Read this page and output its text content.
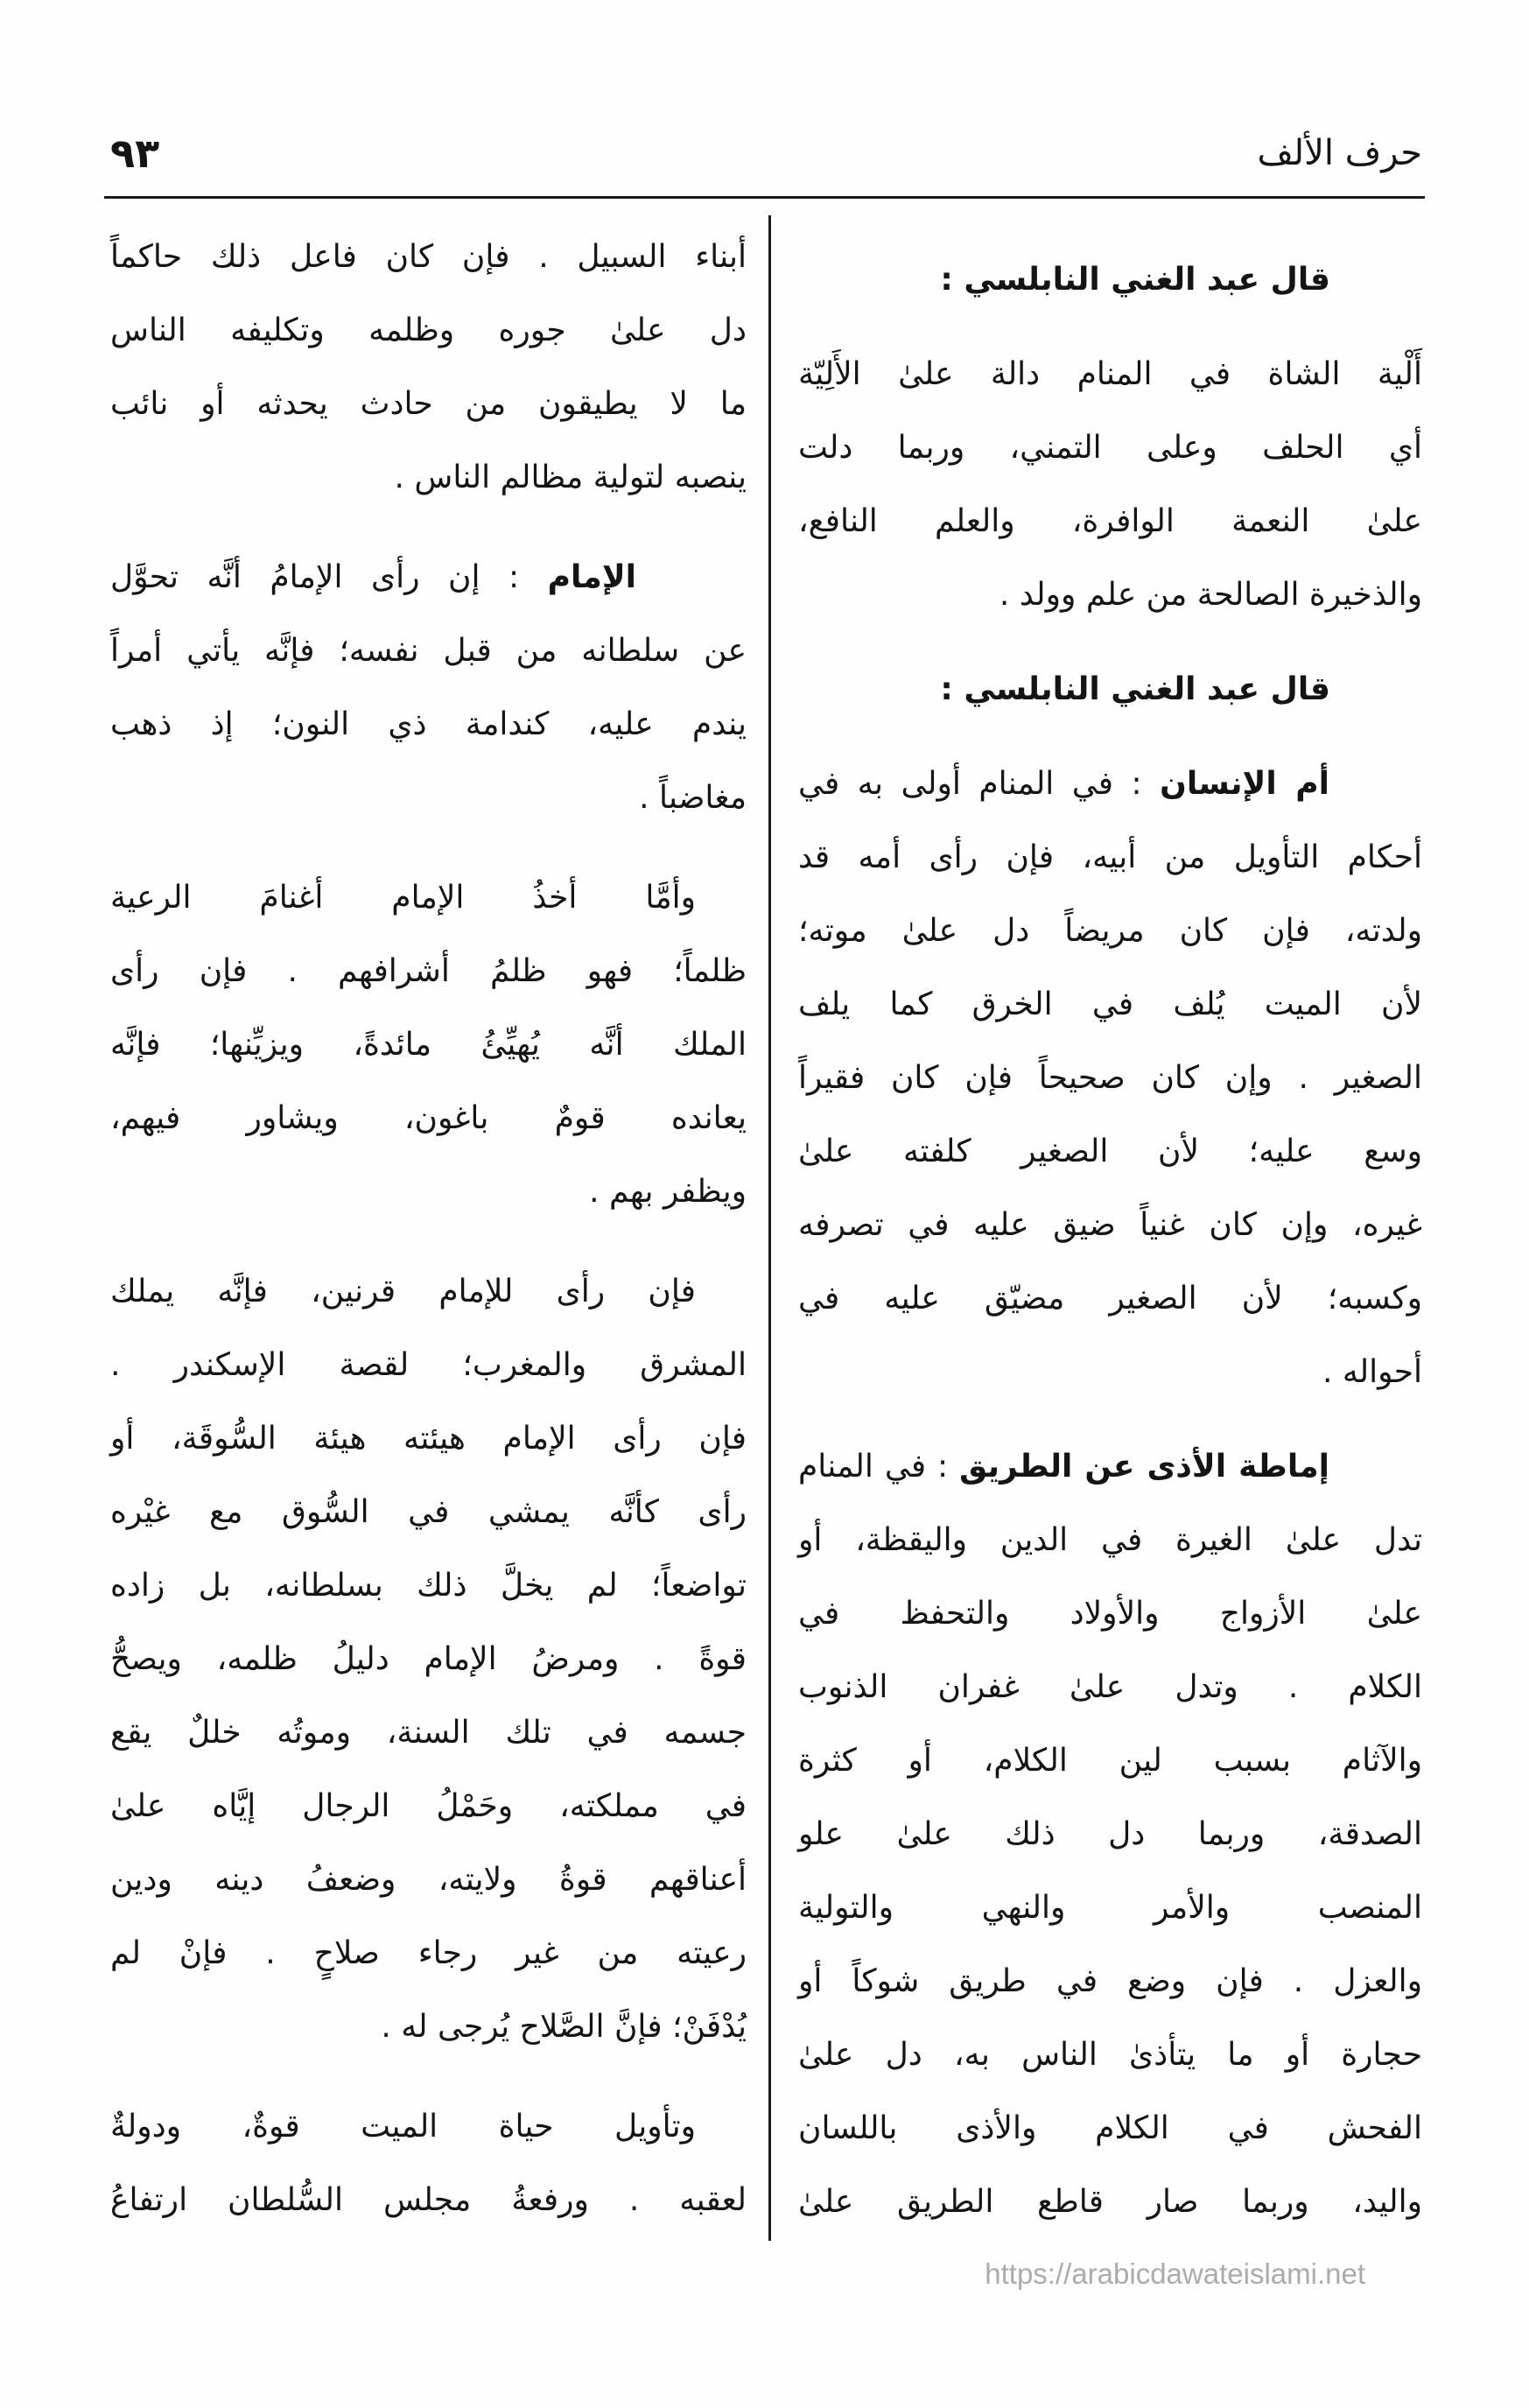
حرف الألف
٩٣
قال عبد الغني النابلسي :
أَلْية الشاة في المنام دالة علىٰ الأَلِيّة
أي الحلف وعلى التمني، وربما دلت
علىٰ النعمة الوافرة، والعلم النافع،
والذخيرة الصالحة من علم وولد .
قال عبد الغني النابلسي :
أم الإنسان : في المنام أولى به في
أحكام التأويل من أبيه، فإن رأى أمه قد
ولدته، فإن كان مريضاً دل علىٰ موته؛
لأن الميت يُلف في الخرق كما يلف
الصغير . وإن كان صحيحاً فإن كان فقيراً
وسع عليه؛ لأن الصغير كلفته علىٰ
غيره، وإن كان غنياً ضيق عليه في تصرفه
وكسبه؛ لأن الصغير مضيّق عليه في
أحواله .
إماطة الأذى عن الطريق : في المنام
تدل علىٰ الغيرة في الدين واليقظة، أو
علىٰ الأزواج والأولاد والتحفظ في
الكلام . وتدل علىٰ غفران الذنوب
والآثام بسبب لين الكلام، أو كثرة
الصدقة، وربما دل ذلك علىٰ علو
المنصب والأمر والنهي والتولية
والعزل . فإن وضع في طريق شوكاً أو
حجارة أو ما يتأذىٰ الناس به، دل علىٰ
الفحش في الكلام والأذى باللسان
واليد، وربما صار قاطع الطريق علىٰ
أبناء السبيل . فإن كان فاعل ذلك حاكماً
دل علىٰ جوره وظلمه وتكليفه الناس
ما لا يطيقون من حادث يحدثه أو نائب
ينصبه لتولية مظالم الناس .
الإمام : إن رأى الإمامُ أنَّه تحوَّل
عن سلطانه من قبل نفسه؛ فإنَّه يأتي أمراً
يندم عليه، كندامة ذي النون؛ إذ ذهب
مغاضباً .
وأمَّا أخذُ الإمام أغنامَ الرعية
ظلماً؛ فهو ظلمُ أشرافهم . فإن رأى
الملك أنَّه يُهيِّئُ مائدةً، ويزيِّنها؛ فإنَّه
يعانده قومٌ باغون، ويشاور فيهم،
ويظفر بهم .
فإن رأى للإمام قرنين، فإنَّه يملك
المشرق والمغرب؛ لقصة الإسكندر .
فإن رأى الإمام هيئته هيئة السُّوقَة، أو
رأى كأنَّه يمشي في السُّوق مع غيْره
تواضعاً؛ لم يخلَّ ذلك بسلطانه، بل زاده
قوةً . ومرضُ الإمام دليلُ ظلمه، ويصحُّ
جسمه في تلك السنة، وموتُه خللٌ يقع
في مملكته، وحَمْلُ الرجال إيَّاه علىٰ
أعناقهم قوةُ ولايته، وضعفُ دينه ودين
رعيته من غير رجاء صلاحٍ . فإنْ لم
يُدْفَنْ؛ فإنَّ الصَّلاح يُرجى له .
وتأويل حياة الميت قوةٌ، ودولةٌ
لعقبه . ورفعةُ مجلس السُّلطان ارتفاعُ
https://arabicdawateislami.net
